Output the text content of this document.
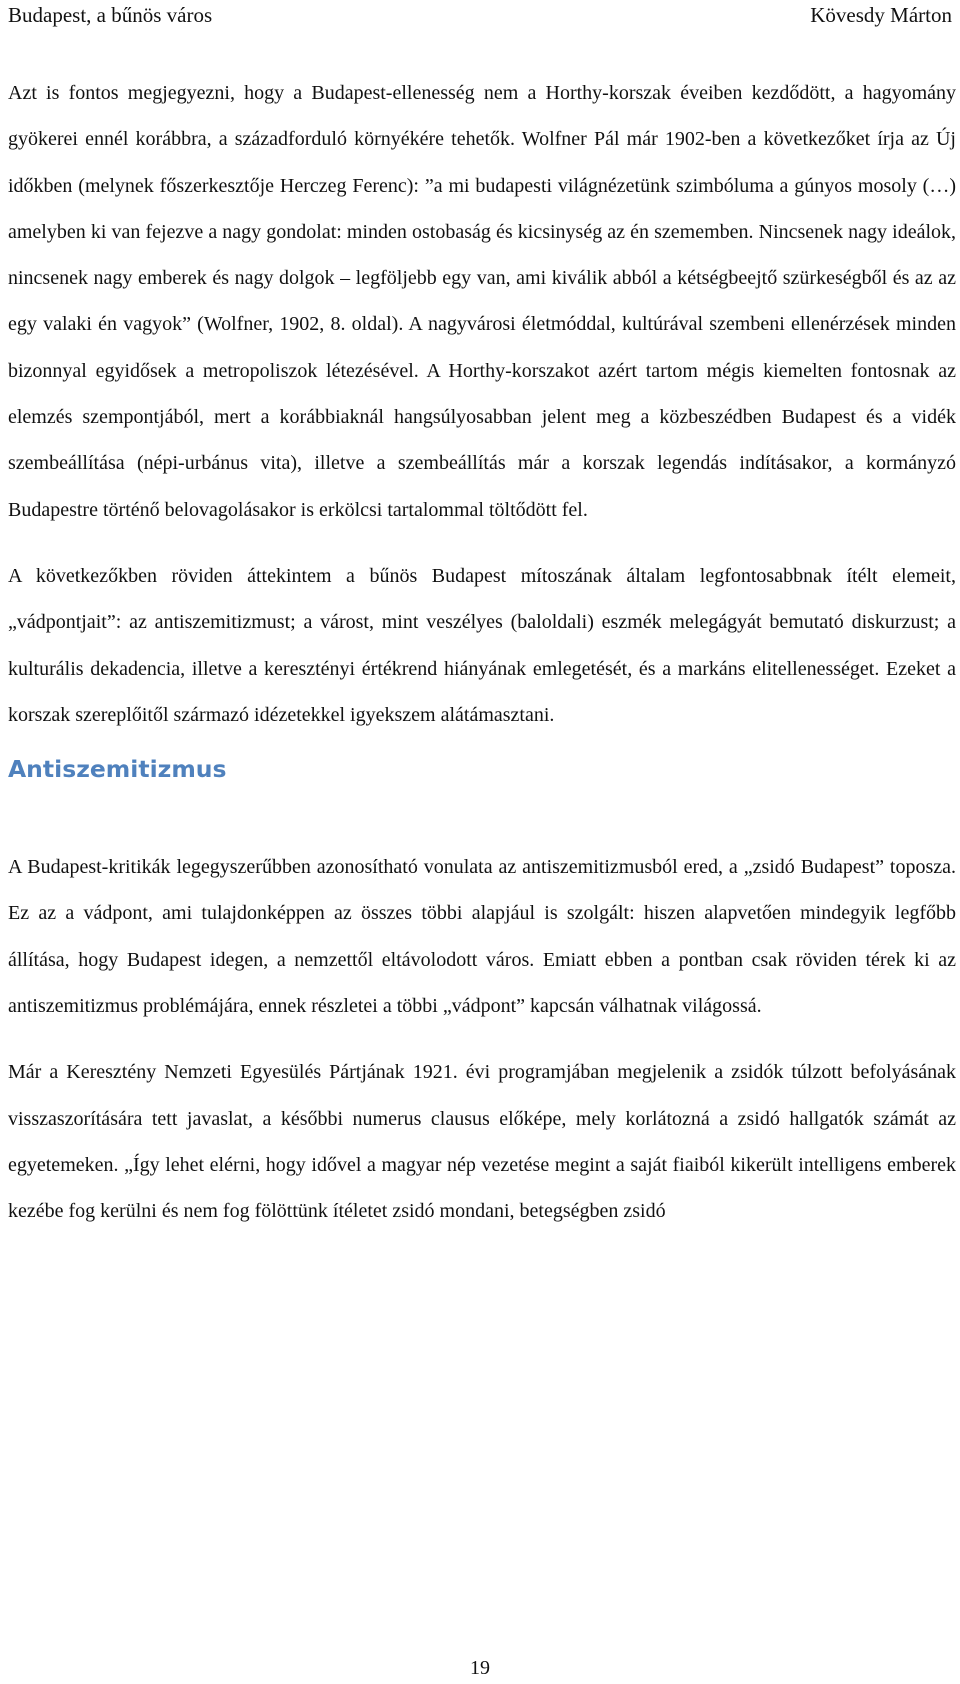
Budapest, a bűnös város	Kövesdy Márton

Azt is fontos megjegyezni, hogy a Budapest-ellenesség nem a Horthy-korszak éveiben kezdődött, a hagyomány gyökerei ennél korábbra, a századforduló környékére tehetők. Wolfner Pál már 1902-ben a következőket írja az Új időkben (melynek főszerkesztője Herczeg Ferenc): ”a mi budapesti világnézetünk szimbóluma a gúnyos mosoly (…) amelyben ki van fejezve a nagy gondolat: minden ostobaság és kicsinység az én szememben. Nincsenek nagy ideálok, nincsenek nagy emberek és nagy dolgok – legföljebb egy van, ami kiválik abból a kétségbeejtő szürkeségből és az az egy valaki én vagyok” (Wolfner, 1902, 8. oldal). A nagyvárosi életmóddal, kultúrával szembeni ellenérzések minden bizonnyal egyidősek a metropoliszok létezésével. A Horthy-korszakot azért tartom mégis kiemelten fontosnak az elemzés szempontjából, mert a korábbiaknál hangsúlyosabban jelent meg a közbeszédben Budapest és a vidék szembeállítása (népi-urbánus vita), illetve a szembeállítás már a korszak legendás indításakor, a kormányzó Budapestre történő belovagolásakor is erkölcsi tartalommal töltődött fel.

A következőkben röviden áttekintem a bűnös Budapest mítoszának általam legfontosabbnak ítélt elemeit, „vádpontjait”: az antiszemitizmust; a várost, mint veszélyes (baloldali) eszmék melegágyát bemutató diskurzust; a kulturális dekadencia, illetve a keresztényi értékrend hiányának emlegetését, és a markáns elitellenességet. Ezeket a korszak szereplőitől származó idézetekkel igyekszem alátámasztani.

Antiszemitizmus

A Budapest-kritikák legegyszerűbben azonosítható vonulata az antiszemitizmusból ered, a „zsidó Budapest” toposza. Ez az a vádpont, ami tulajdonképpen az összes többi alapjául is szolgált: hiszen alapvetően mindegyik legfőbb állítása, hogy Budapest idegen, a nemzettől eltávolodott város. Emiatt ebben a pontban csak röviden térek ki az antiszemitizmus problémájára, ennek részletei a többi „vádpont” kapcsán válhatnak világossá.

Már a Keresztény Nemzeti Egyesülés Pártjának 1921. évi programjában megjelenik a zsidók túlzott befolyásának visszaszorítására tett javaslat, a későbbi numerus clausus előképe, mely korlátozná a zsidó hallgatók számát az egyetemeken. „Így lehet elérni, hogy idővel a magyar nép vezetése megint a saját fiaiból kikerült intelligens emberek kezébe fog kerülni és nem fog fölöttünk ítéletet zsidó mondani, betegségben zsidó

19
